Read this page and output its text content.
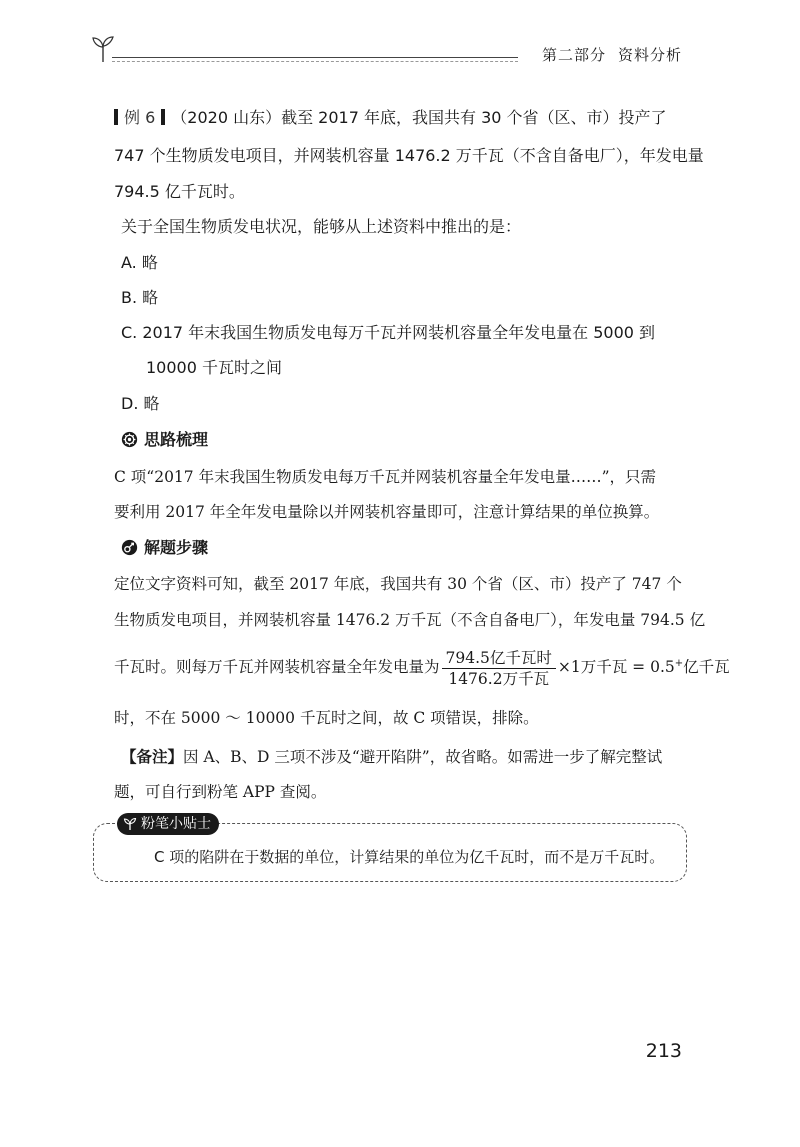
第二部分 资料分析
例 6 （2020 山东）截至 2017 年底，我国共有 30 个省（区、市）投产了
747 个生物质发电项目，并网装机容量 1476.2 万千瓦（不含自备电厂），年发电量
794.5 亿千瓦时。
关于全国生物质发电状况，能够从上述资料中推出的是：
A. 略
B. 略
C. 2017 年末我国生物质发电每万千瓦并网装机容量全年发电量在 5000 到
10000 千瓦时之间
D. 略
思路梳理
C 项“2017 年末我国生物质发电每万千瓦并网装机容量全年发电量……”，只需
要利用 2017 年全年发电量除以并网装机容量即可，注意计算结果的单位换算。
解题步骤
定位文字资料可知，截至 2017 年底，我国共有 30 个省（区、市）投产了 747 个
生物质发电项目，并网装机容量 1476.2 万千瓦（不含自备电厂），年发电量 794.5 亿
千瓦时。则每万千瓦并网装机容量全年发电量为 $\frac{\text{794.5亿千瓦时}}{\text{1476.2万千瓦}} \times 1$万千瓦 = 0.5+亿千瓦
时，不在 5000 ～ 10000 千瓦时之间，故 C 项错误，排除。
【备注】因 A、B、D 三项不涉及“避开陷阱”，故省略。如需进一步了解完整试
题，可自行到粉笔 APP 查阅。
粉笔小贴士
C 项的陷阱在于数据的单位，计算结果的单位为亿千瓦时，而不是万千瓦时。
213
